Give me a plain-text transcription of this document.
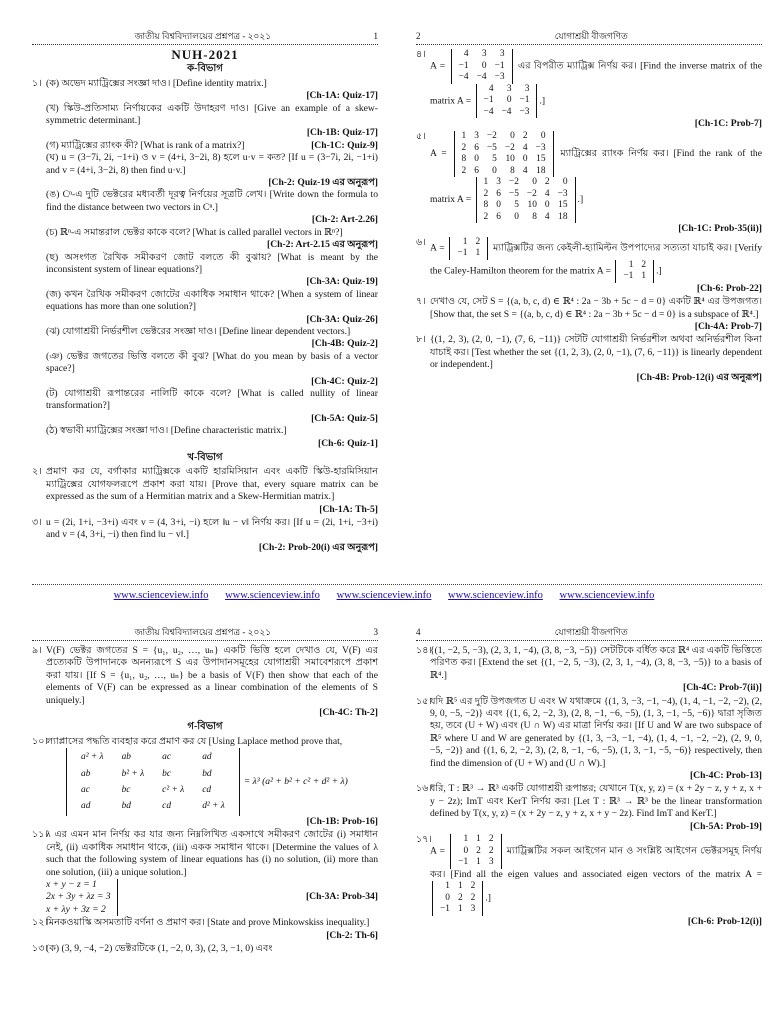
জাতীয় বিশ্ববিদ্যালয়ের প্রশ্নপত্র - ২০২১	1
NUH-2021
ক-বিভাগ
১। (ক) অভেদ ম্যাট্রিক্সের সংজ্ঞা দাও। [Define identity matrix.]
[Ch-1A: Quiz-17]
(খ) স্কিউ-প্রতিসাম্য নির্ণায়কের একটি উদাহরণ দাও। [Give an example of a skew-symmetric determinant.]
[Ch-1B: Quiz-17]
(গ) ম্যাট্রিক্সের র‍্যাংক কী? [What is rank of a matrix?]	[Ch-1C: Quiz-9]
(ঘ) u = (3−7i, 2i, −1+i) ও v = (4+i, 3−2i, 8) হলে u·v = কত? [If u = (3−7i, 2i, −1+i) and v = (4+i, 3−2i, 8) then find u·v.]
[Ch-2: Quiz-19 এর অনুরূপ]
(ঙ) Cⁿ-এ দুটি ভেক্টরের মধ্যবর্তী দূরত্ব নির্ণয়ের সূত্রটি লেখ। [Write down the formula to find the distance between two vectors in Cⁿ.]
[Ch-2: Art-2.26]
(চ) ℝⁿ-এ সমান্তরাল ভেক্টর কাকে বলে? [What is called parallel vectors in ℝⁿ?]
[Ch-2: Art-2.15 এর অনুরূপ]
(ছ) অসংগত রৈখিক সমীকরণ জোট বলতে কী বুঝায়? [What is meant by the inconsistent system of linear equations?]
[Ch-3A: Quiz-19]
(জ) কখন রৈখিক সমীকরণ জোটের একাধিক সমাধান থাকে? [When a system of linear equations has more than one solution?]
[Ch-3A: Quiz-26]
(ঝ) যোগাশ্রয়ী নির্ভরশীল ভেক্টরের সংজ্ঞা দাও। [Define linear dependent vectors.]
[Ch-4B: Quiz-2]
(ঞ) ভেক্টর জগতের ভিত্তি বলতে কী বুঝ? [What do you mean by basis of a vector space?]
[Ch-4C: Quiz-2]
(ট) যোগাশ্রয়ী রূপান্তরের নালিটি কাকে বলে? [What is called nullity of linear transformation?]
[Ch-5A: Quiz-5]
(ঠ) স্বভাবী ম্যাট্রিক্সের সংজ্ঞা দাও। [Define characteristic matrix.]
[Ch-6: Quiz-1]
খ-বিভাগ
২। প্রমাণ কর যে, বর্গাকার ম্যাট্রিক্সকে একটি হারমিসিয়ান এবং একটি স্কিউ-হারমিসিয়ান ম্যাট্রিক্সের যোগফলরূপে প্রকাশ করা যায়। [Prove that, every square matrix can be expressed as the sum of a Hermitian matrix and a Skew-Hermitian matrix.]
[Ch-1A: Th-5]
৩। u = (2i, 1+i, −3+i) এবং v = (4, 3+i, −i) হলে ‖u − v‖ নির্ণয় কর। [If u = (2i, 1+i, −3+i) and v = (4, 3+i, −i) then find ‖u − v‖.]
[Ch-2: Prob-20(i) এর অনুরূপ]
2	যোগাশ্রয়ী বীজগণিত
৪।
A =
4	3	3
−1	0	−1
−4	−4	−3
এর বিপরীত ম্যাট্রিক্স নির্ণয় কর। [Find the inverse matrix of the matrix A =
4	3	3
−1	0	−1
−4	−4	−3
.]
[Ch-1C: Prob-7]
৫।
A =
1	3	−2	0	2	0
2	6	−5	−2	4	−3
8	0	5	10	0	15
2	6	0	8	4	18
ম্যাট্রিক্সের র‍্যাংক নির্ণয় কর। [Find the rank of the matrix A =
1	3	−2	0	2	0
2	6	−5	−2	4	−3
8	0	5	10	0	15
2	6	0	8	4	18
.]
[Ch-1C: Prob-35(ii)]
৬।
A =
1	2
−1	1 ম্যাট্রিক্সটির জন্য কেইলী-হ্যামিল্টন উপপাদ্যের সত্যতা যাচাই কর। [Verify the Caley-Hamilton theorem for the matrix A =
1	2
−1	1 .]
[Ch-6: Prob-22]
৭। দেখাও যে, সেট S = {(a, b, c, d) ∈ ℝ⁴ : 2a − 3b + 5c − d = 0} একটি ℝ⁴ এর উপজগত। [Show that, the set S = {(a, b, c, d) ∈ ℝ⁴ : 2a − 3b + 5c − d = 0} is a subspace of ℝ⁴.]
[Ch-4A: Prob-7]
৮। {(1, 2, 3), (2, 0, −1), (7, 6, −11)} সেটটি যোগাশ্রয়ী নির্ভরশীল অথবা অনির্ভরশীল কিনা যাচাই কর। [Test whether the set {(1, 2, 3), (2, 0, −1), (7, 6, −11)} is linearly dependent or independent.]
[Ch-4B: Prob-12(i) এর অনুরূপ]
www.scienceview.info www.scienceview.info www.scienceview.info www.scienceview.info www.scienceview.info
জাতীয় বিশ্ববিদ্যালয়ের প্রশ্নপত্র - ২০২১	3
৯। V(F) ভেক্টর জগতের S = {u₁, u₂, …, uₙ} একটি ভিত্তি হলে দেখাও যে, V(F) এর প্রত্যেকটি উপাদানকে অনন্যরূপে S এর উপাদানসমূহের যোগাশ্রয়ী সমাবেশরূপে প্রকাশ করা যায়। [If S = {u₁, u₂, …, uₙ} be a basis of V(F) then show that each of the elements of V(F) can be expressed as a linear combination of the elements of S uniquely.]
[Ch-4C: Th-2]
গ-বিভাগ
১০।
ল্যাপ্লাসের পদ্ধতি ব্যবহার করে প্রমাণ কর যে [Using Laplace method prove that,
a² + λ	ab	ac	ad
ab	b² + λ	bc	bd
ac	bc	c² + λ	cd
ad	bd	cd	d² + λ
= λ³ (a² + b² + c² + d² + λ)
[Ch-1B: Prob-16]
১১।
λ এর এমন মান নির্ণয় কর যার জন্য নিম্নলিখিত একসাথে সমীকরণ জোটের (i) সমাধান নেই, (ii) একাধিক সমাধান থাকে, (iii) একক সমাধান থাকে। [Determine the values of λ such that the following system of linear equations has (i) no solution, (ii) more than one solution, (iii) a unique solution.]
x + y − z = 1
2x + 3y + λz = 3
x + λy + 3z = 2
[Ch-3A: Prob-34]
১২।
মিনকওয়াস্কি অসমতাটি বর্ণনা ও প্রমাণ কর। [State and prove Minkowskiss inequality.]
[Ch-2: Th-6]
১৩।
(ক) (3, 9, −4, −2) ভেক্টরটিকে (1, −2, 0, 3), (2, 3, −1, 0) এবং
4	যোগাশ্রয়ী বীজগণিত
১৪।
{(1, −2, 5, −3), (2, 3, 1, −4), (3, 8, −3, −5)} সেটটিকে বর্ধিত করে ℝ⁴ এর একটি ভিত্তিতে পরিণত কর। [Extend the set {(1, −2, 5, −3), (2, 3, 1, −4), (3, 8, −3, −5)} to a basis of ℝ⁴.]
[Ch-4C: Prob-7(ii)]
১৫।
যদি ℝ⁵ এর দুটি উপজগত U এবং W যথাক্রমে {(1, 3, −3, −1, −4), (1, 4, −1, −2, −2), (2, 9, 0, −5, −2)} এবং {(1, 6, 2, −2, 3), (2, 8, −1, −6, −5), (1, 3, −1, −5, −6)} দ্বারা সৃজিত হয়, তবে (U + W) এবং (U ∩ W) এর মাত্রা নির্ণয় কর। [If U and W are two subspace of ℝ⁵ where U and W are generated by {(1, 3, −3, −1, −4), (1, 4, −1, −2, −2), (2, 9, 0, −5, −2)} and {(1, 6, 2, −2, 3), (2, 8, −1, −6, −5), (1, 3, −1, −5, −6)} respectively, then find the dimension of (U + W) and (U ∩ W).]
[Ch-4C: Prob-13]
১৬।
ধরি, T : ℝ³ → ℝ³ একটি যোগাশ্রয়ী রূপান্তর; যেখানে T(x, y, z) = (x + 2y − z, y + z, x + y − 2z); ImT এবং KerT নির্ণয় কর। [Let T : ℝ³ → ℝ³ be the linear transformation defined by T(x, y, z) = (x + 2y − z, y + z, x + y − 2z). Find ImT and KerT.]
[Ch-5A: Prob-19]
১৭।
A =
1	1	2
0	2	2
−1	1	3
ম্যাট্রিক্সটির সকল আইগেন মান ও সংশ্লিষ্ট আইগেন ভেক্টরসমূহ নির্ণয় কর। [Find all the eigen values and associated eigen vectors of the matrix A =
1	1	2
0	2	2
−1	1	3
.]
[Ch-6: Prob-12(i)]
